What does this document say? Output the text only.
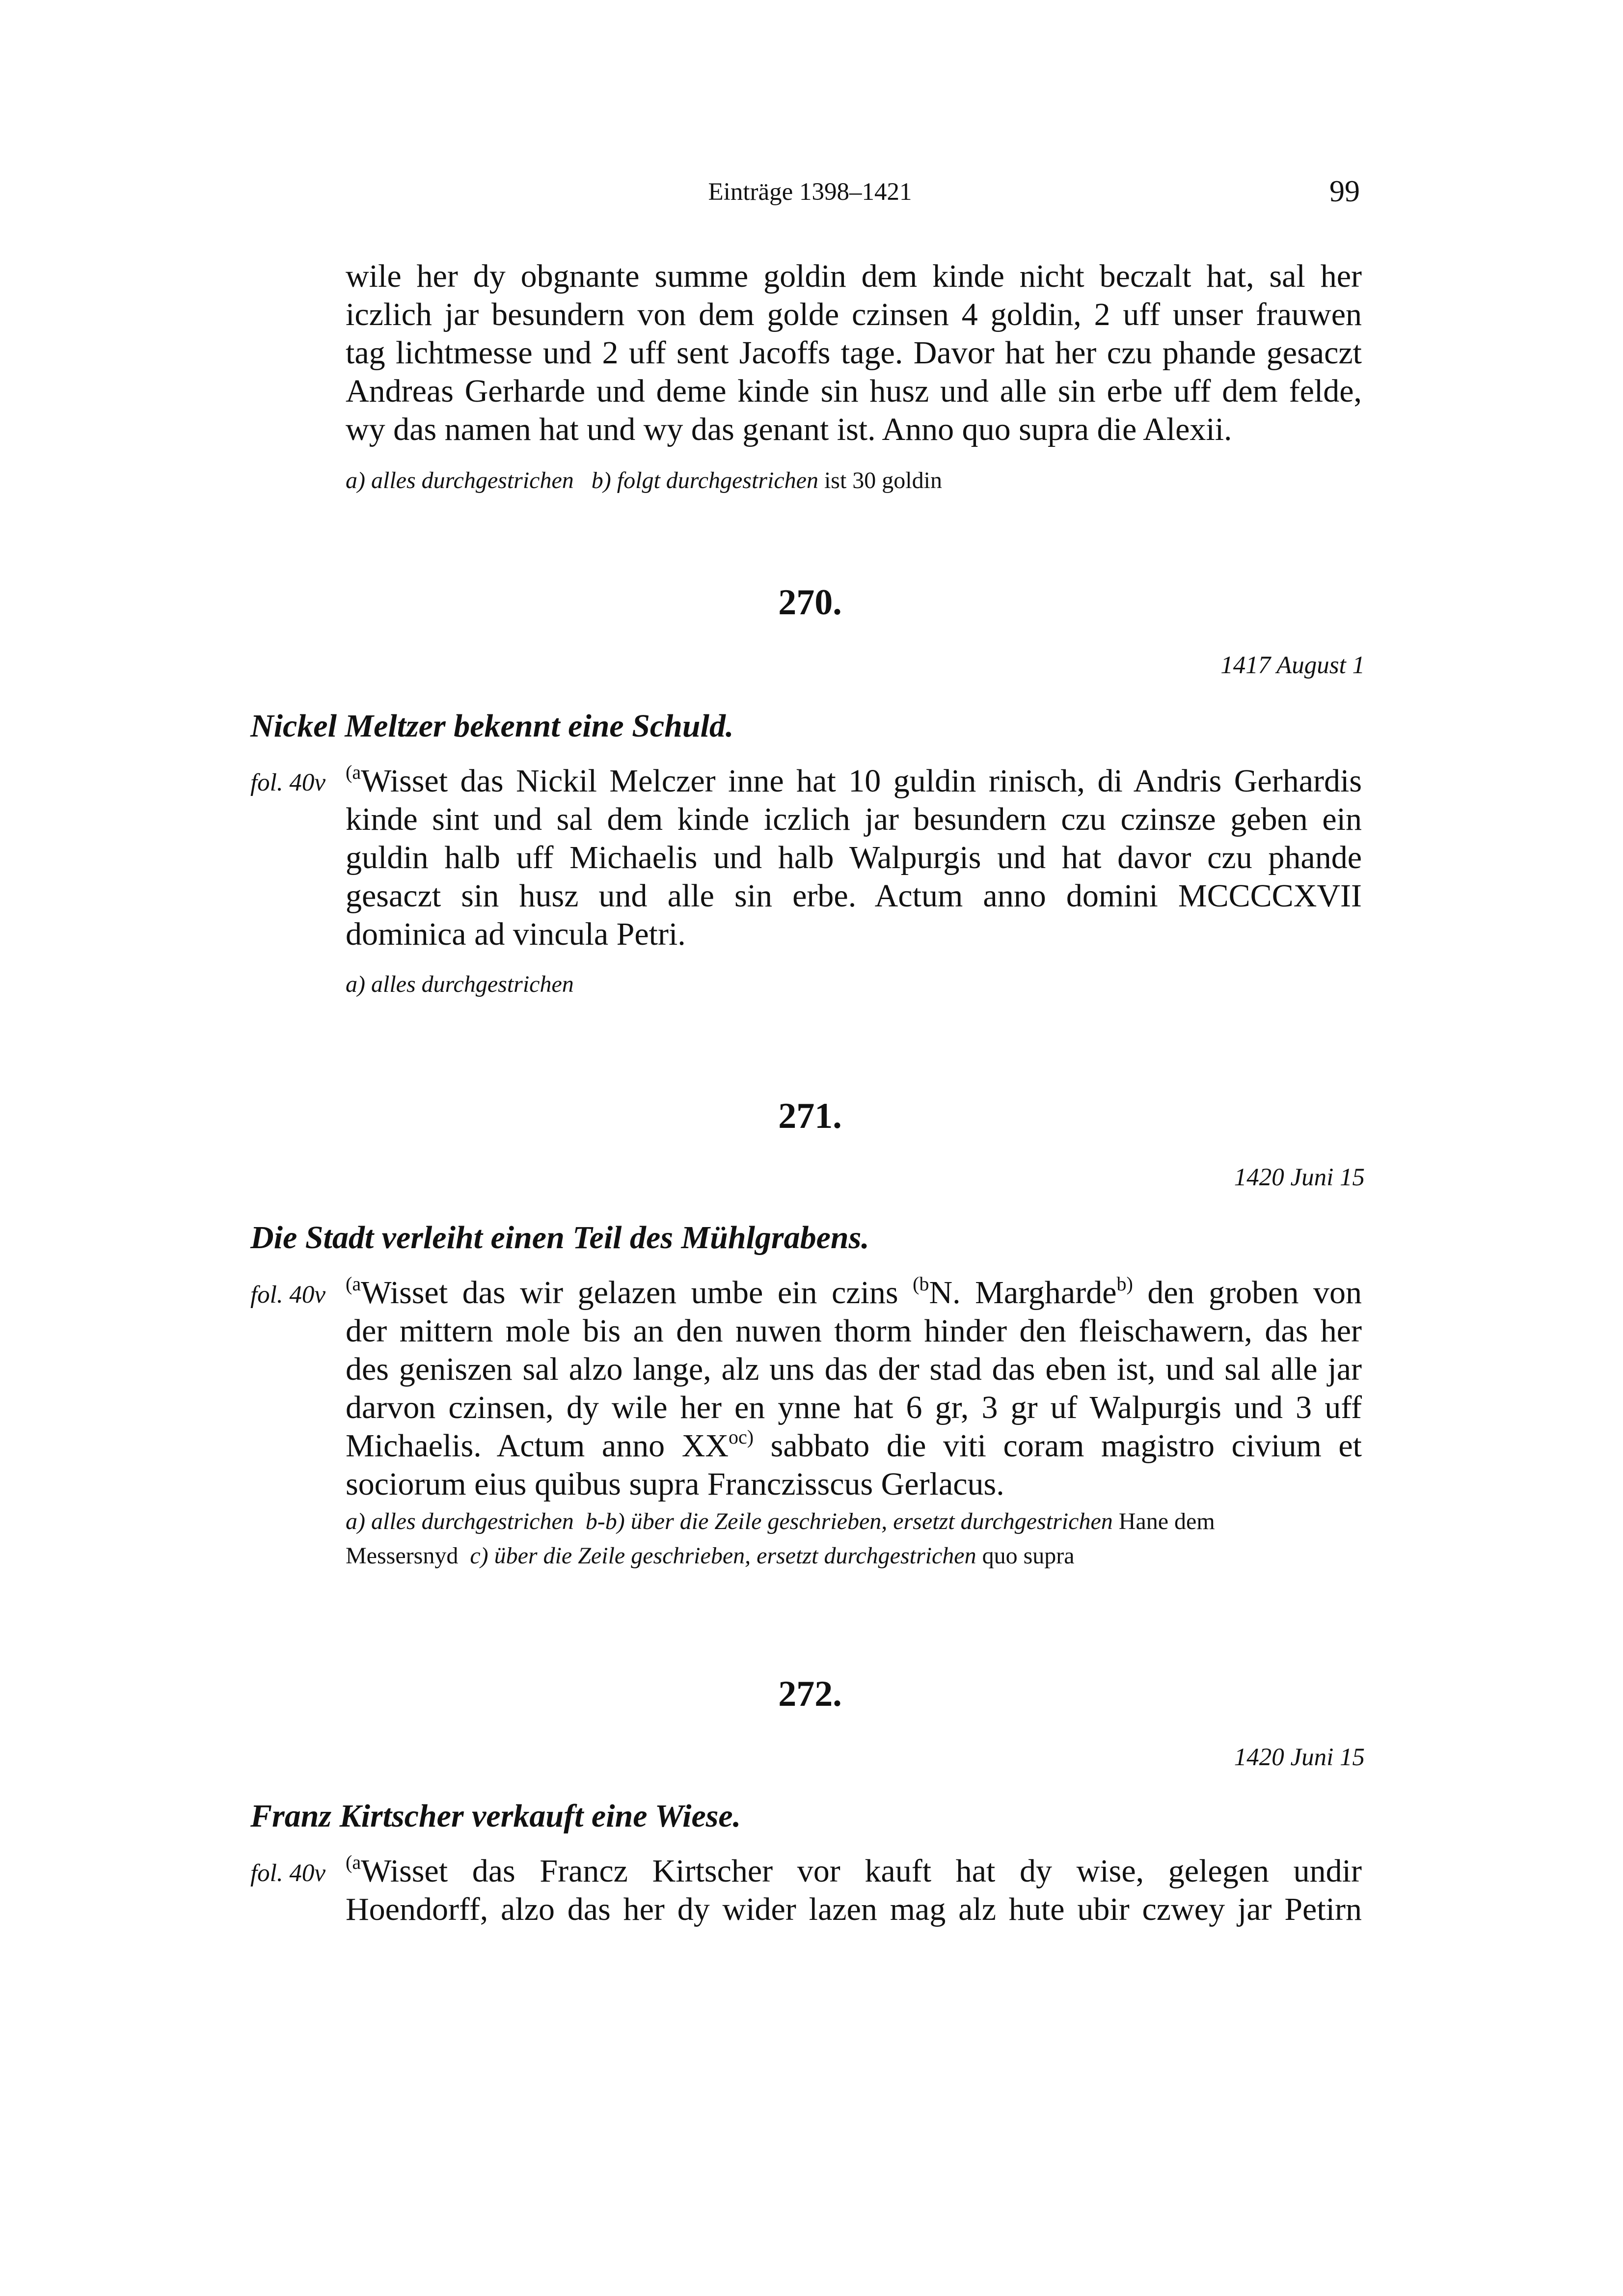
Einträge 1398–1421	99
wile her dy obgnante summe goldin dem kinde nicht beczalt hat, sal her
iczlich jar besundern von dem golde czinsen 4 goldin, 2 uff unser frauwen
tag lichtmesse und 2 uff sent Jacoffs tage. Davor hat her czu phande gesaczt
Andreas Gerharde und deme kinde sin husz und alle sin erbe uff dem felde,
wy das namen hat und wy das genant ist. Anno quo supra die Alexii.
a) alles durchgestrichen b) folgt durchgestrichen ist 30 goldin
270.
1417 August 1
Nickel Meltzer bekennt eine Schuld.
fol. 40v	$^{(a}$Wisset das Nickil Melczer inne hat 10 guldin rinisch, di Andris Gerhardis
kinde sint und sal dem kinde iczlich jar besundern czu czinsze geben ein
guldin halb uff Michaelis und halb Walpurgis und hat davor czu phande
gesaczt sin husz und alle sin erbe. Actum anno domini MCCCCXVII
dominica ad vincula Petri.
a) alles durchgestrichen
271.
1420 Juni 15
Die Stadt verleiht einen Teil des Mühlgrabens.
fol. 40v	$^{(a}$Wisset das wir gelazen umbe ein czins $^{(b}$N. Margharde$^{b)}$ den groben von
der mittern mole bis an den nuwen thorm hinder den fleischawern, das her
des geniszen sal alzo lange, alz uns das der stad das eben ist, und sal alle jar
darvon czinsen, dy wile her en ynne hat 6 gr, 3 gr uf Walpurgis und 3 uff
Michaelis. Actum anno $XX^{oc)}$ sabbato die viti coram magistro civium et
sociorum eius quibus supra Franczisscus Gerlacus.
a) alles durchgestrichen b-b) über die Zeile geschrieben, ersetzt durchgestrichen Hane dem
Messersnyd c) über die Zeile geschrieben, ersetzt durchgestrichen quo supra
272.
1420 Juni 15
Franz Kirtscher verkauft eine Wiese.
fol. 40v	$^{(a}$Wisset das Francz Kirtscher vor kauft hat dy wise, gelegen undir
Hoendorff, alzo das her dy wider lazen mag alz hute ubir czwey jar Petirn
